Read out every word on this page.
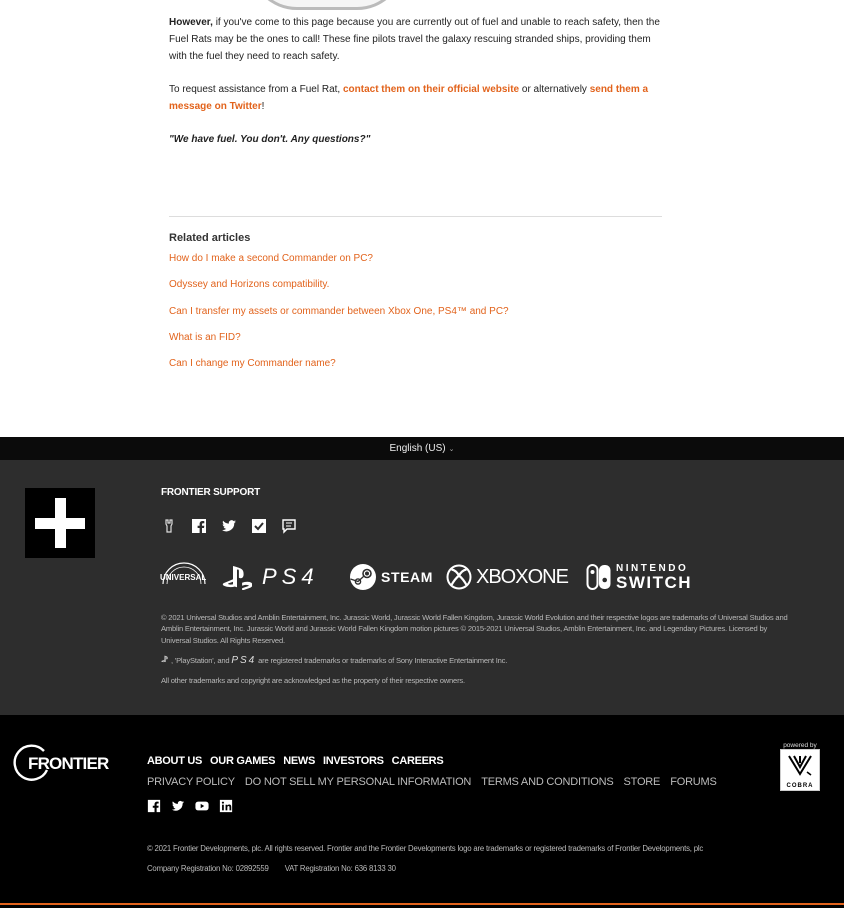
However, if you've come to this page because you are currently out of fuel and unable to reach safety, then the Fuel Rats may be the ones to call! These fine pilots travel the galaxy rescuing stranded ships, providing them with the fuel they need to reach safety.

To request assistance from a Fuel Rat, contact them on their official website or alternatively send them a message on Twitter!

"We have fuel. You don't. Any questions?"

Related articles
How do I make a second Commander on PC?
Odyssey and Horizons compatibility.
Can I transfer my assets or commander between Xbox One, PS4™ and PC?
What is an FID?
Can I change my Commander name?
English (US) ⌄
FRONTIER SUPPORT
UNIVERSAL	PS4	STEAM XBOXONE	NINTENDO
SWITCH
© 2021 Universal Studios and Amblin Entertainment, Inc. Jurassic World, Jurassic World Fallen Kingdom, Jurassic World Evolution and their respective logos are trademarks of Universal Studios and Amblin Entertainment, Inc. Jurassic World and Jurassic World Fallen Kingdom motion pictures © 2015-2021 Universal Studios, Amblin Entertainment, Inc. and Legendary Pictures. Licensed by Universal Studios. All Rights Reserved.
, 'PlayStation', and PS4 are registered trademarks or trademarks of Sony Interactive Entertainment Inc.
All other trademarks and copyright are acknowledged as the property of their respective owners.
FRONTIER	ABOUT US OUR GAMES NEWS INVESTORS CAREERS
PRIVACY POLICY DO NOT SELL MY PERSONAL INFORMATION TERMS AND CONDITIONS STORE FORUMS
© 2021 Frontier Developments, plc. All rights reserved. Frontier and the Frontier Developments logo are trademarks or registered trademarks of Frontier Developments, plc
Company Registration No: 02892559 VAT Registration No: 636 8133 30
powered by
COBRA
